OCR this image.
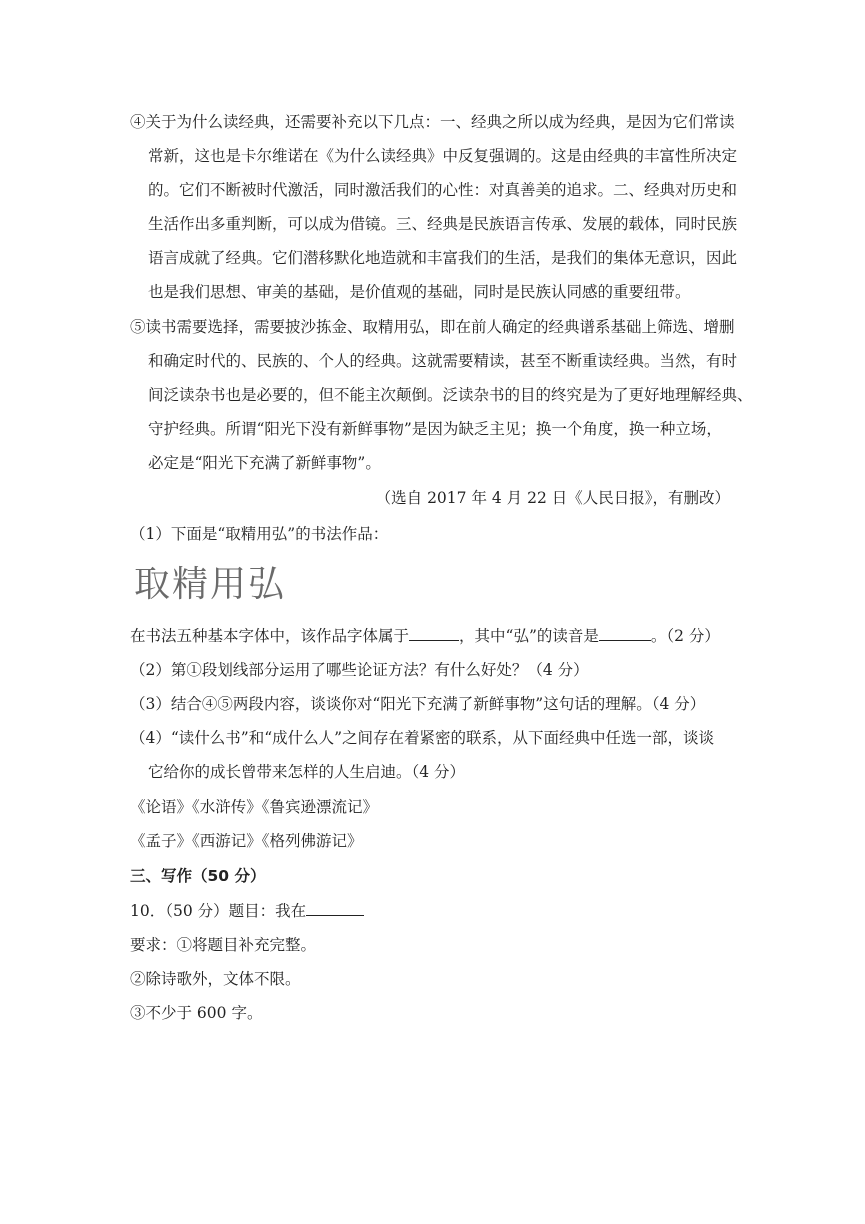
④关于为什么读经典，还需要补充以下几点：一、经典之所以成为经典，是因为它们常读
常新，这也是卡尔维诺在《为什么读经典》中反复强调的。这是由经典的丰富性所决定
的。它们不断被时代激活，同时激活我们的心性：对真善美的追求。二、经典对历史和
生活作出多重判断，可以成为借镜。三、经典是民族语言传承、发展的载体，同时民族
语言成就了经典。它们潜移默化地造就和丰富我们的生活，是我们的集体无意识，因此
也是我们思想、审美的基础，是价值观的基础，同时是民族认同感的重要纽带。
⑤读书需要选择，需要披沙拣金、取精用弘，即在前人确定的经典谱系基础上筛选、增删
和确定时代的、民族的、个人的经典。这就需要精读，甚至不断重读经典。当然，有时
间泛读杂书也是必要的，但不能主次颠倒。泛读杂书的目的终究是为了更好地理解经典、
守护经典。所谓“阳光下没有新鲜事物”是因为缺乏主见；换一个角度，换一种立场，
必定是“阳光下充满了新鲜事物”。
（选自 2017 年 4 月 22 日《人民日报》，有删改）
（1）下面是“取精用弘”的书法作品：
取精用弘
在书法五种基本字体中，该作品字体属于	，其中“弘”的读音是	。（2 分）
（2）第①段划线部分运用了哪些论证方法？有什么好处？（4 分）
（3）结合④⑤两段内容，谈谈你对“阳光下充满了新鲜事物”这句话的理解。（4 分）
（4）“读什么书”和“成什么人”之间存在着紧密的联系，从下面经典中任选一部，谈谈
它给你的成长曾带来怎样的人生启迪。（4 分）
《论语》《水浒传》《鲁宾逊漂流记》
《孟子》《西游记》《格列佛游记》
三、写作（50 分）
10．（50 分）题目：我在
要求：①将题目补充完整。
②除诗歌外，文体不限。
③不少于 600 字。
